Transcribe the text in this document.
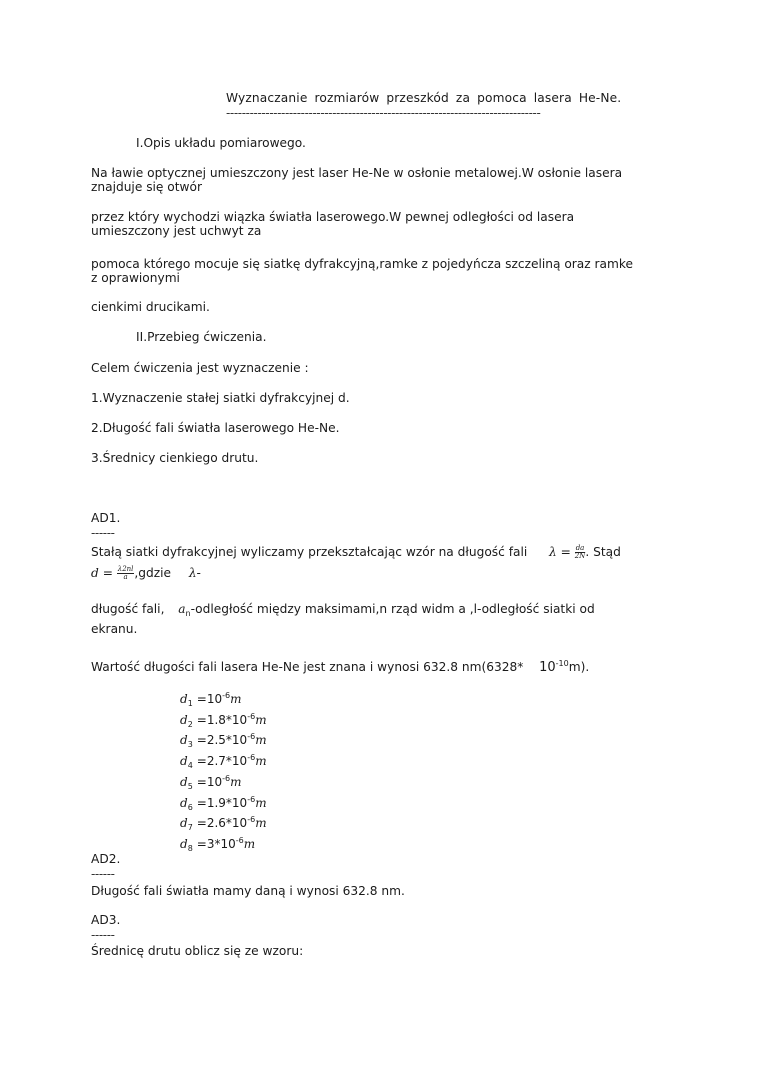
Wyznaczanie rozmiarów przeszkód za pomoca lasera He-Ne.
--------------------------------------------------------------------------------
I.Opis układu pomiarowego.
Na ławie optycznej umieszczony jest laser He-Ne w osłonie metalowej.W osłonie lasera
znajduje się otwór
przez który wychodzi wiązka światła laserowego.W pewnej odległości od lasera
umieszczony jest uchwyt za
pomoca którego mocuje się siatkę dyfrakcyjną,ramke z pojedyńcza szczeliną oraz ramke
z oprawionymi
cienkimi drucikami.
II.Przebieg ćwiczenia.
Celem ćwiczenia jest wyznaczenie :
1.Wyznaczenie stałej siatki dyfrakcyjnej d.
2.Długość fali światła laserowego He-Ne.
3.Średnicy cienkiego drutu.
AD1.
------
Stałą siatki dyfrakcyjnej wyliczamy przekształcając wzór na długość fali $\lambda = \frac{da}{2N}$ . Stąd
$d = \frac{\lambda 2nl}{a}$ ,gdzie λ-
długość fali, $a_n$-odległość między maksimami,n rząd widm a ,l-odległość siatki od
ekranu.
Wartość długości fali lasera He-Ne jest znana i wynosi 632.8 nm(6328* $10^{-10}m$).
$d_1 =10^{-6}m$
$d_2 =1.8*10^{-6}m$
$d_3 =2.5*10^{-6}m$
$d_4 =2.7*10^{-6}m$
$d_5 =10^{-6}m$
$d_6 =1.9*10^{-6}m$
$d_7 =2.6*10^{-6}m$
$d_8 =3*10^{-6}m$
AD2.
------
Długość fali światła mamy daną i wynosi 632.8 nm.
AD3.
------
Średnicę drutu oblicz się ze wzoru:
